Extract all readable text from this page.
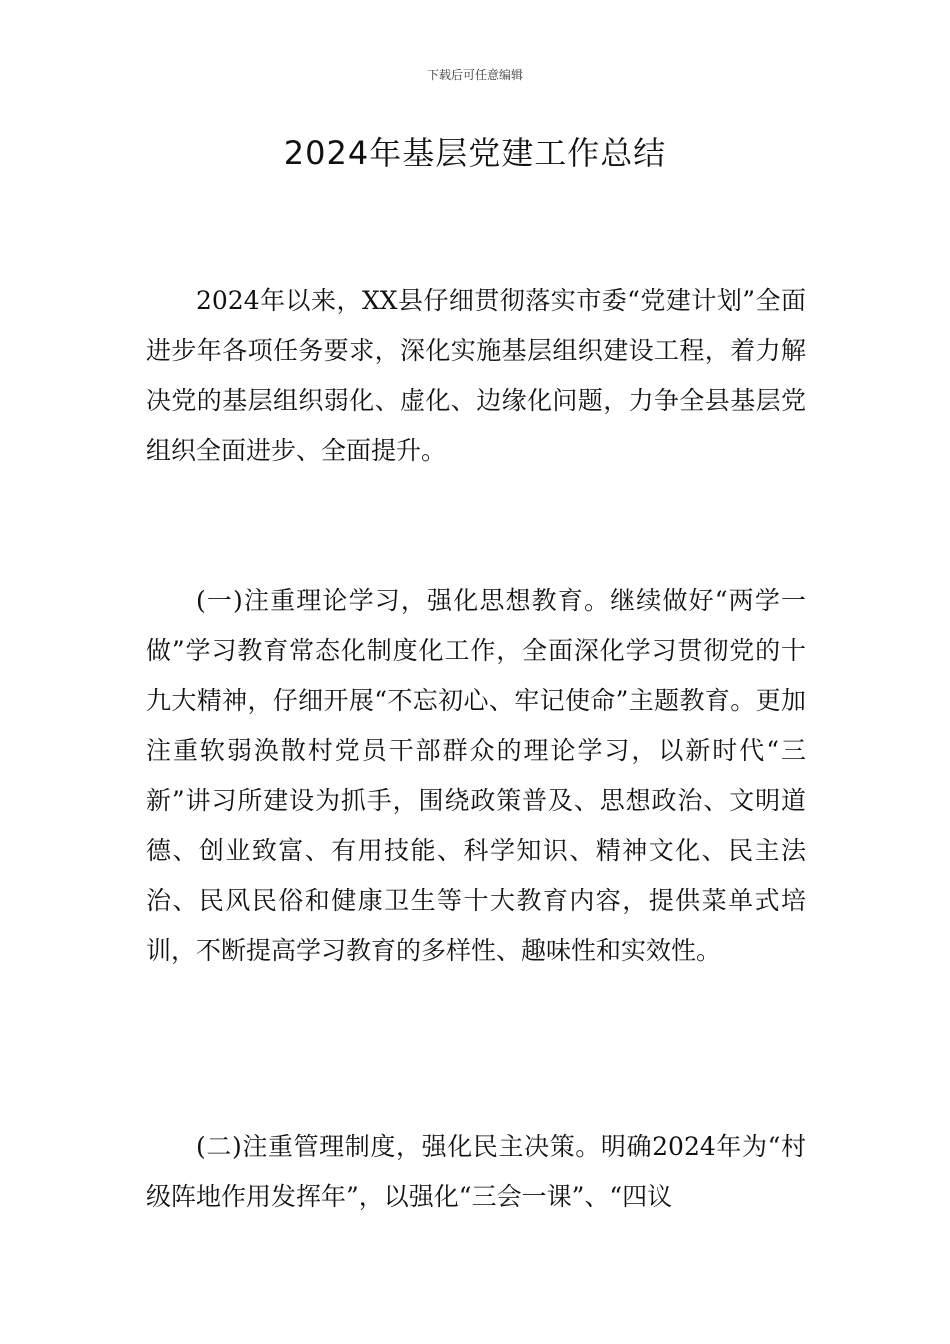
下载后可任意编辑
2024年基层党建工作总结

2024年以来，XX县仔细贯彻落实市委“党建计划”全面进步年各项任务要求，深化实施基层组织建设工程，着力解决党的基层组织弱化、虚化、边缘化问题，力争全县基层党组织全面进步、全面提升。

(一)注重理论学习，强化思想教育。继续做好“两学一做”学习教育常态化制度化工作，全面深化学习贯彻党的十九大精神，仔细开展“不忘初心、牢记使命”主题教育。更加注重软弱涣散村党员干部群众的理论学习，以新时代“三新”讲习所建设为抓手，围绕政策普及、思想政治、文明道德、创业致富、有用技能、科学知识、精神文化、民主法治、民风民俗和健康卫生等十大教育内容，提供菜单式培训，不断提高学习教育的多样性、趣味性和实效性。

(二)注重管理制度，强化民主决策。明确2024年为“村级阵地作用发挥年”，以强化“三会一课”、“四议
